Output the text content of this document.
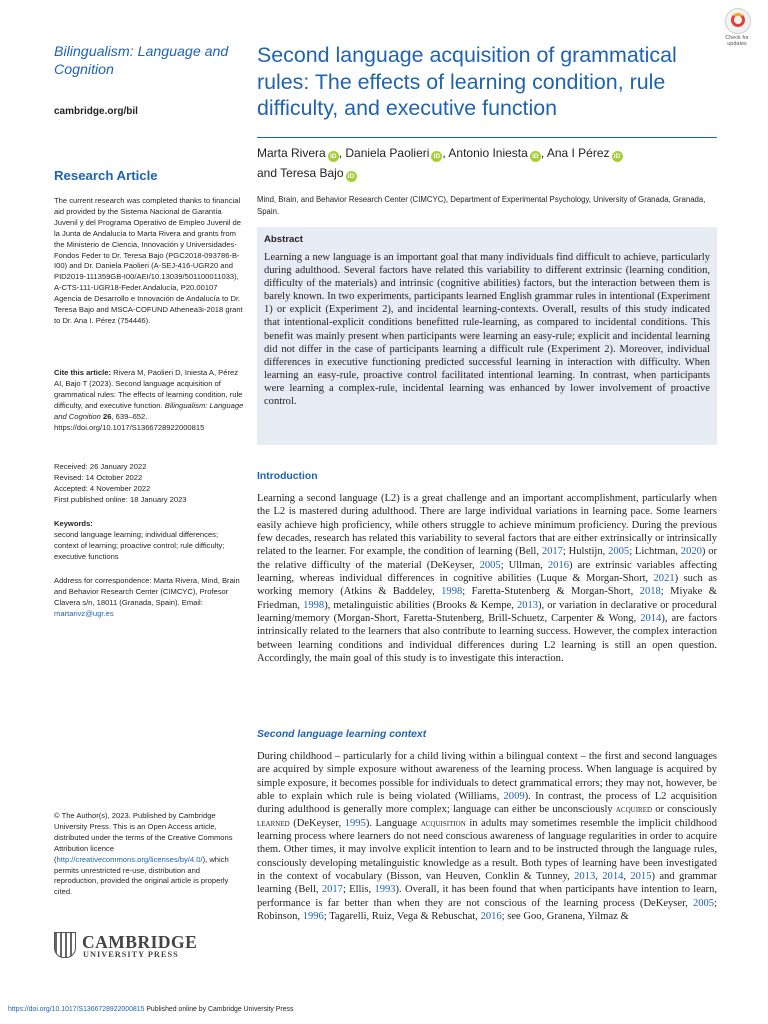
Bilingualism: Language and Cognition
cambridge.org/bil
Research Article
Check for
updates
Second language acquisition of grammatical rules: The effects of learning condition, rule difficulty, and executive function
Marta Rivera iD , Daniela Paolieri iD , Antonio Iniesta iD , Ana I Pérez iD
and Teresa Bajo iD
Mind, Brain, and Behavior Research Center (CIMCYC), Department of Experimental Psychology, University of Granada, Granada, Spain.
The current research was completed thanks to financial aid provided by the Sistema Nacional de Garantía Juvenil y del Programa Operativo de Empleo Juvenil de la Junta de Andalucía to Marta Rivera and grants from the Ministerio de Ciencia, Innovación y Universidades-Fondos Feder to Dr. Teresa Bajo (PGC2018-093786-B-I00) and Dr. Daniela Paolieri (A-SEJ-416-UGR20 and PID2019-111359GB-I00/AEI/10.13039/501100011033), A-CTS-111-UGR18-Feder.Andalucía, P20.00107 Agencia de Desarrollo e Innovación de Andalucía to Dr. Teresa Bajo and MSCA-COFUND Athenea3i-2018 grant to Dr. Ana I. Pérez (754446).
Cite this article: Rivera M, Paolieri D, Iniesta A, Pérez AI, Bajo T (2023). Second language acquisition of grammatical rules: The effects of learning condition, rule difficulty, and executive function. Bilingualism: Language and Cognition 26, 639–652. https://doi.org/10.1017/S1366728922000815
Received: 26 January 2022
Revised: 14 October 2022
Accepted: 4 November 2022
First published online: 18 January 2023
Keywords:
second language learning; individual differences; context of learning; proactive control; rule difficulty; executive functions
Address for correspondence: Marta Rivera, Mind, Brain and Behavior Research Center (CIMCYC), Profesor Clavera s/n, 18011 (Granada, Spain). Email: martarivz@ugr.es
© The Author(s), 2023. Published by Cambridge University Press. This is an Open Access article, distributed under the terms of the Creative Commons Attribution licence (http://creativecommons.org/licenses/by/4.0/), which permits unrestricted re-use, distribution and reproduction, provided the original article is properly cited.
CAMBRIDGE
UNIVERSITY PRESS
Abstract

Learning a new language is an important goal that many individuals find difficult to achieve, particularly during adulthood. Several factors have related this variability to different extrinsic (learning condition, difficulty of the materials) and intrinsic (cognitive abilities) factors, but the interaction between them is barely known. In two experiments, participants learned English grammar rules in intentional (Experiment 1) or explicit (Experiment 2), and incidental learning-contexts. Overall, results of this study indicated that intentional-explicit conditions benefitted rule-learning, as compared to incidental conditions. This benefit was mainly present when participants were learning an easy-rule; explicit and incidental learning did not differ in the case of participants learning a difficult rule (Experiment 2). Moreover, individual differences in executive functioning predicted successful learning in interaction with difficulty. When learning an easy-rule, proactive control facilitated intentional learning. In contrast, when participants were learning a complex-rule, incidental learning was enhanced by lower involvement of proactive control.

Introduction
Learning a second language (L2) is a great challenge and an important accomplishment, particularly when the L2 is mastered during adulthood. There are large individual variations in learning pace. Some learners easily achieve high proficiency, while others struggle to achieve minimum proficiency. During the previous few decades, research has related this variability to several factors that are either extrinsically or intrinsically related to the learner. For example, the condition of learning (Bell, 2017; Hulstijn, 2005; Lichtman, 2020) or the relative difficulty of the material (DeKeyser, 2005; Ullman, 2016) are extrinsic variables affecting learning, whereas individual differences in cognitive abilities (Luque & Morgan-Short, 2021) such as working memory (Atkins & Baddeley, 1998; Faretta-Stutenberg & Morgan-Short, 2018; Miyake & Friedman, 1998), metalinguistic abilities (Brooks & Kempe, 2013), or variation in declarative or procedural learning/memory (Morgan-Short, Faretta-Stutenberg, Brill-Schuetz, Carpenter & Wong, 2014), are factors intrinsically related to the learners that also contribute to learning success. However, the complex interaction between learning conditions and individual differences during L2 learning is still an open question. Accordingly, the main goal of this study is to investigate this interaction.
Second language learning context
During childhood – particularly for a child living within a bilingual context – the first and second languages are acquired by simple exposure without awareness of the learning process. When language is acquired by simple exposure, it becomes possible for individuals to detect grammatical errors; they may not, however, be able to explain which rule is being violated (Williams, 2009). In contrast, the process of L2 acquisition during adulthood is generally more complex; language can either be unconsciously acquired or consciously learned (DeKeyser, 1995). Language acquisition in adults may sometimes resemble the implicit childhood learning process where learners do not need conscious awareness of language regularities in order to acquire them. Other times, it may involve explicit intention to learn and to be instructed through the language rules, consciously developing metalinguistic knowledge as a result. Both types of learning have been investigated in the context of vocabulary (Bisson, van Heuven, Conklin & Tunney, 2013, 2014, 2015) and grammar learning (Bell, 2017; Ellis, 1993). Overall, it has been found that when participants have intention to learn, performance is far better than when they are not conscious of the learning process (DeKeyser, 2005; Robinson, 1996; Tagarelli, Ruiz, Vega & Rebuschat, 2016; see Goo, Granena, Yilmaz &
https://doi.org/10.1017/S1366728922000815 Published online by Cambridge University Press
